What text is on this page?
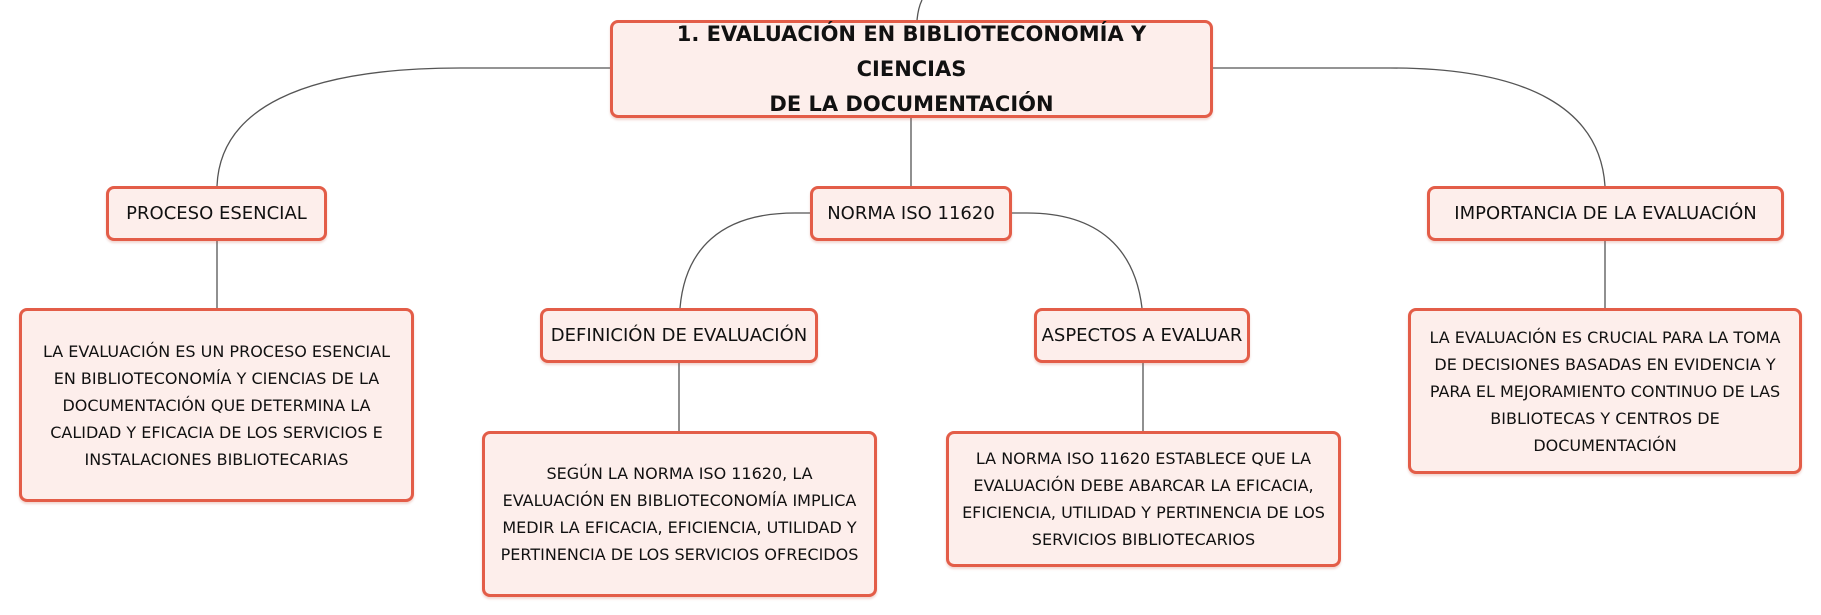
1. EVALUACIÓN EN BIBLIOTECONOMÍA Y CIENCIAS
DE LA DOCUMENTACIÓN
PROCESO ESENCIAL	NORMA ISO 11620	IMPORTANCIA DE LA EVALUACIÓN
DEFINICIÓN DE EVALUACIÓN	ASPECTOS A EVALUAR
LA EVALUACIÓN ES UN PROCESO ESENCIAL
EN BIBLIOTECONOMÍA Y CIENCIAS DE LA
DOCUMENTACIÓN QUE DETERMINA LA
CALIDAD Y EFICACIA DE LOS SERVICIOS E
INSTALACIONES BIBLIOTECARIAS
SEGÚN LA NORMA ISO 11620, LA
EVALUACIÓN EN BIBLIOTECONOMÍA IMPLICA
MEDIR LA EFICACIA, EFICIENCIA, UTILIDAD Y
PERTINENCIA DE LOS SERVICIOS OFRECIDOS
LA NORMA ISO 11620 ESTABLECE QUE LA
EVALUACIÓN DEBE ABARCAR LA EFICACIA,
EFICIENCIA, UTILIDAD Y PERTINENCIA DE LOS
SERVICIOS BIBLIOTECARIOS
LA EVALUACIÓN ES CRUCIAL PARA LA TOMA
DE DECISIONES BASADAS EN EVIDENCIA Y
PARA EL MEJORAMIENTO CONTINUO DE LAS
BIBLIOTECAS Y CENTROS DE
DOCUMENTACIÓN
